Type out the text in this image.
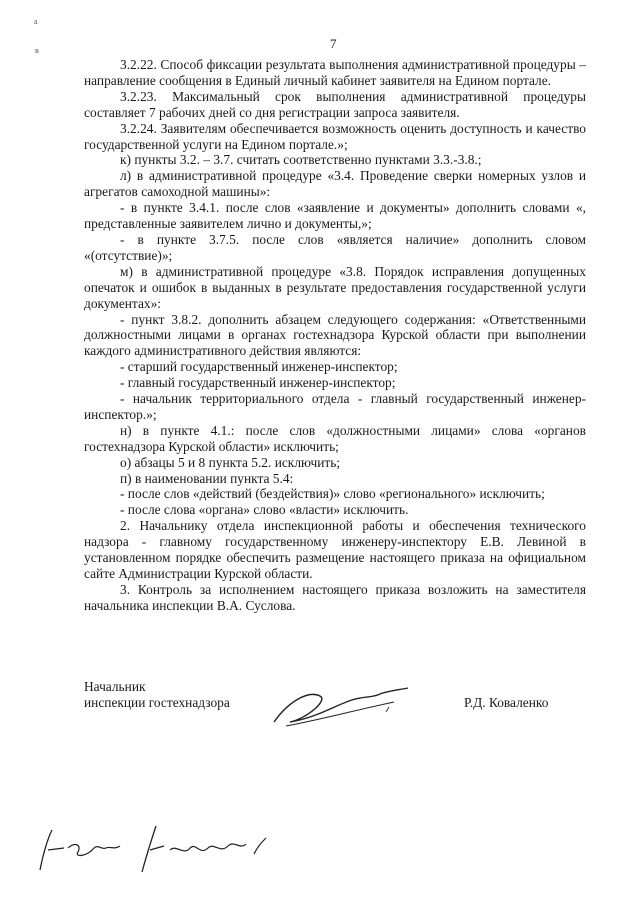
а
в	7

3.2.22. Способ фиксации результата выполнения административной процедуры – направление сообщения в Единый личный кабинет заявителя на Едином портале.

3.2.23. Максимальный срок выполнения административной процедуры составляет 7 рабочих дней со дня регистрации запроса заявителя.

3.2.24. Заявителям обеспечивается возможность оценить доступность и качество государственной услуги на Едином портале.»;

к) пункты 3.2. – 3.7. считать соответственно пунктами 3.3.-3.8.;

л) в административной процедуре «3.4. Проведение сверки номерных узлов и агрегатов самоходной машины»:

- в пункте 3.4.1. после слов «заявление и документы» дополнить словами «, представленные заявителем лично и документы,»;

- в пункте 3.7.5. после слов «является наличие» дополнить словом «(отсутствие)»;

м) в административной процедуре «3.8. Порядок исправления допущенных опечаток и ошибок в выданных в результате предоставления государственной услуги документах»:

- пункт 3.8.2. дополнить абзацем следующего содержания: «Ответственными должностными лицами в органах гостехнадзора Курской области при выполнении каждого административного действия являются:

- старший государственный инженер-инспектор;

- главный государственный инженер-инспектор;

- начальник территориального отдела - главный государственный инженер-инспектор.»;

н) в пункте 4.1.: после слов «должностными лицами» слова «органов гостехнадзора Курской области» исключить;

о) абзацы 5 и 8 пункта 5.2. исключить;

п) в наименовании пункта 5.4:

- после слов «действий (бездействия)» слово «регионального» исключить;

- после слова «органа» слово «власти» исключить.

2. Начальнику отдела инспекционной работы и обеспечения технического надзора - главному государственному инженеру-инспектору Е.В. Левиной в установленном порядке обеспечить размещение настоящего приказа на официальном сайте Администрации Курской области.

3. Контроль за исполнением настоящего приказа возложить на заместителя начальника инспекции В.А. Суслова.

Начальник
инспекции гостехнадзора	Р.Д. Коваленко
